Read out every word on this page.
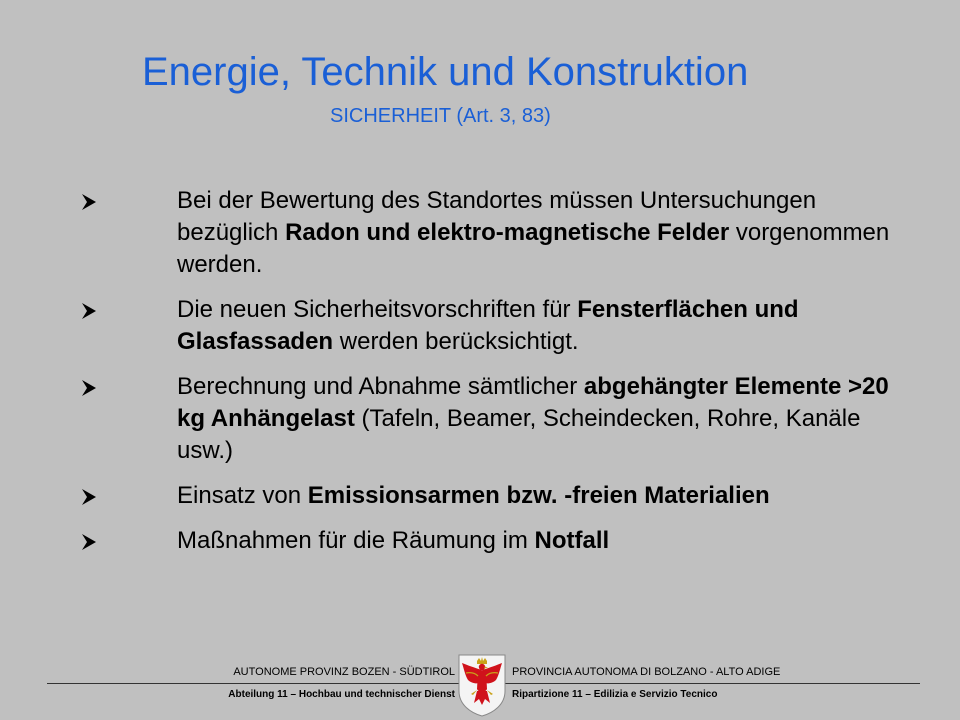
Energie, Technik und Konstruktion
SICHERHEIT (Art. 3, 83)
Bei der Bewertung des Standortes müssen Untersuchungen bezüglich Radon und elektro-magnetische Felder vorgenommen werden.
Die neuen Sicherheitsvorschriften für Fensterflächen und Glasfassaden werden berücksichtigt.
Berechnung und Abnahme sämtlicher abgehängter Elemente >20 kg Anhängelast (Tafeln, Beamer, Scheindecken, Rohre, Kanäle usw.)
Einsatz von Emissionsarmen bzw. -freien Materialien
Maßnahmen für die Räumung im Notfall
AUTONOME PROVINZ BOZEN - SÜDTIROL	PROVINCIA AUTONOMA DI BOLZANO - ALTO ADIGE
Abteilung 11 – Hochbau und technischer Dienst	Ripartizione 11 – Edilizia e Servizio Tecnico
